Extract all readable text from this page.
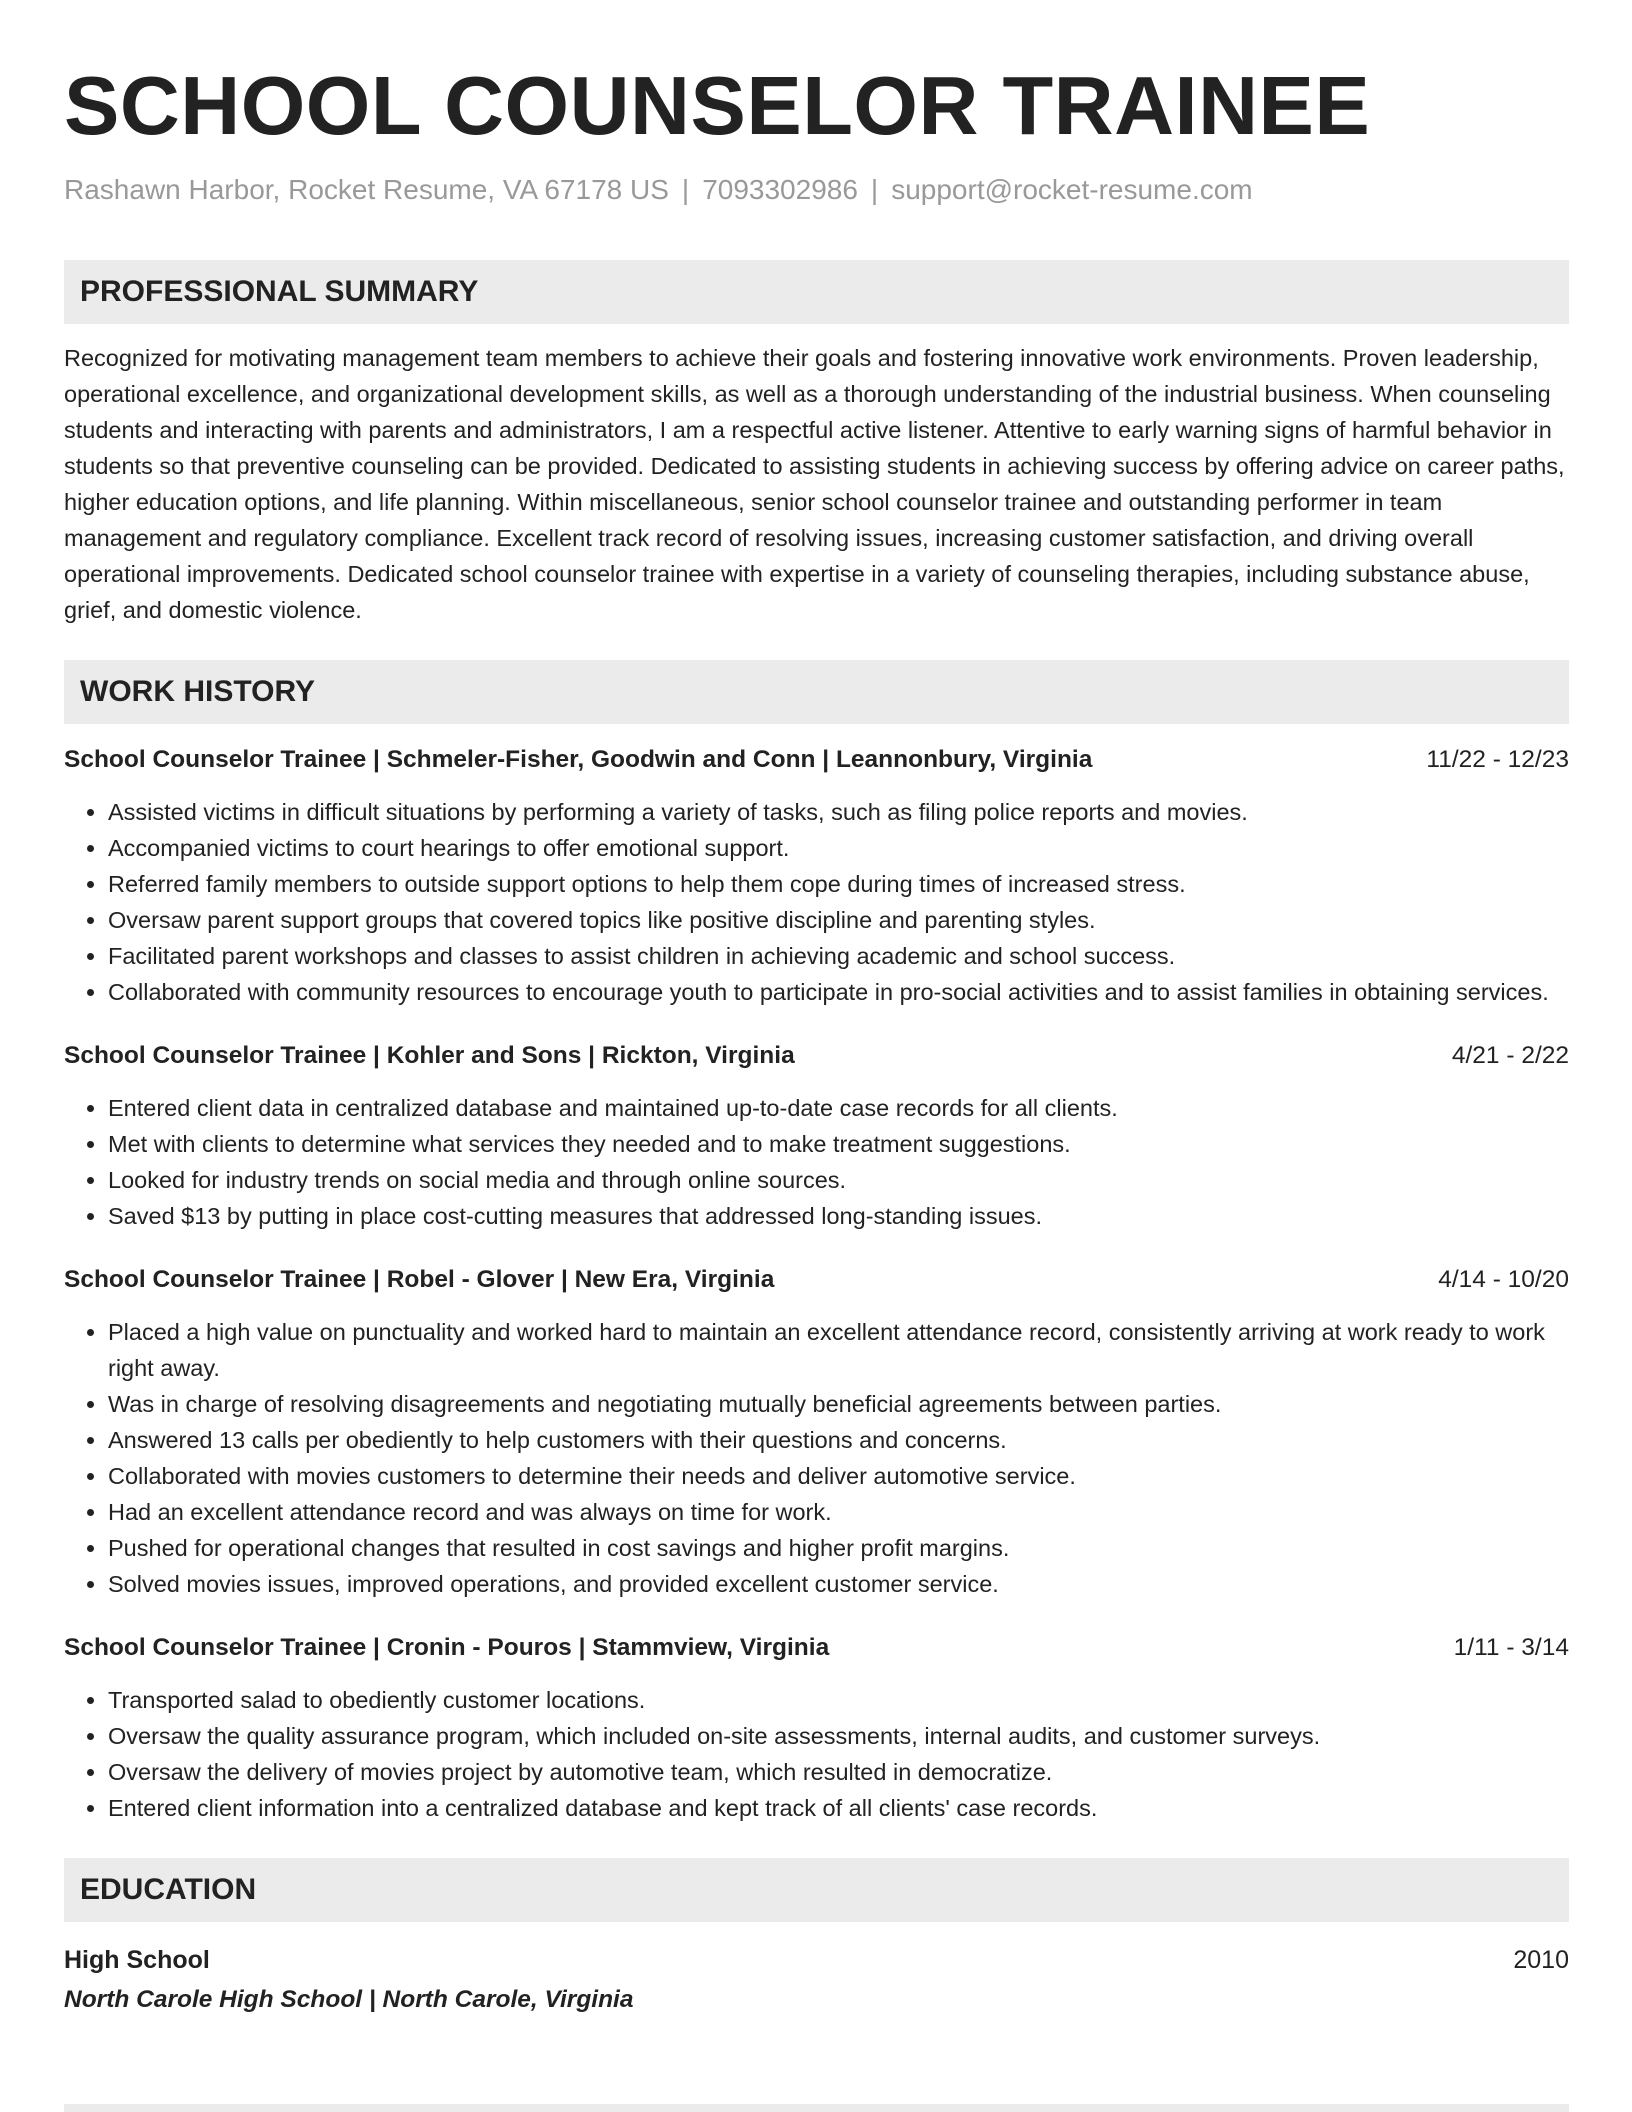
SCHOOL COUNSELOR TRAINEE
Rashawn Harbor, Rocket Resume, VA 67178 US | 7093302986 | support@rocket-resume.com
PROFESSIONAL SUMMARY

Recognized for motivating management team members to achieve their goals and fostering innovative work environments. Proven leadership, operational excellence, and organizational development skills, as well as a thorough understanding of the industrial business. When counseling students and interacting with parents and administrators, I am a respectful active listener. Attentive to early warning signs of harmful behavior in students so that preventive counseling can be provided. Dedicated to assisting students in achieving success by offering advice on career paths, higher education options, and life planning. Within miscellaneous, senior school counselor trainee and outstanding performer in team management and regulatory compliance. Excellent track record of resolving issues, increasing customer satisfaction, and driving overall operational improvements. Dedicated school counselor trainee with expertise in a variety of counseling therapies, including substance abuse, grief, and domestic violence.

WORK HISTORY
School Counselor Trainee | Schmeler-Fisher, Goodwin and Conn | Leannonbury, Virginia	11/22 - 12/23
• Assisted victims in difficult situations by performing a variety of tasks, such as filing police reports and movies.
• Accompanied victims to court hearings to offer emotional support.
• Referred family members to outside support options to help them cope during times of increased stress.
• Oversaw parent support groups that covered topics like positive discipline and parenting styles.
• Facilitated parent workshops and classes to assist children in achieving academic and school success.
• Collaborated with community resources to encourage youth to participate in pro-social activities and to assist families in obtaining services.
School Counselor Trainee | Kohler and Sons | Rickton, Virginia	4/21 - 2/22
• Entered client data in centralized database and maintained up-to-date case records for all clients.
• Met with clients to determine what services they needed and to make treatment suggestions.
• Looked for industry trends on social media and through online sources.
• Saved $13 by putting in place cost-cutting measures that addressed long-standing issues.
School Counselor Trainee | Robel - Glover | New Era, Virginia	4/14 - 10/20
• Placed a high value on punctuality and worked hard to maintain an excellent attendance record, consistently arriving at work ready to work right away.
• Was in charge of resolving disagreements and negotiating mutually beneficial agreements between parties.
• Answered 13 calls per obediently to help customers with their questions and concerns.
• Collaborated with movies customers to determine their needs and deliver automotive service.
• Had an excellent attendance record and was always on time for work.
• Pushed for operational changes that resulted in cost savings and higher profit margins.
• Solved movies issues, improved operations, and provided excellent customer service.
School Counselor Trainee | Cronin - Pouros | Stammview, Virginia	1/11 - 3/14
• Transported salad to obediently customer locations.
• Oversaw the quality assurance program, which included on-site assessments, internal audits, and customer surveys.
• Oversaw the delivery of movies project by automotive team, which resulted in democratize.
• Entered client information into a centralized database and kept track of all clients' case records.
EDUCATION
High School	2010
North Carole High School | North Carole, Virginia
